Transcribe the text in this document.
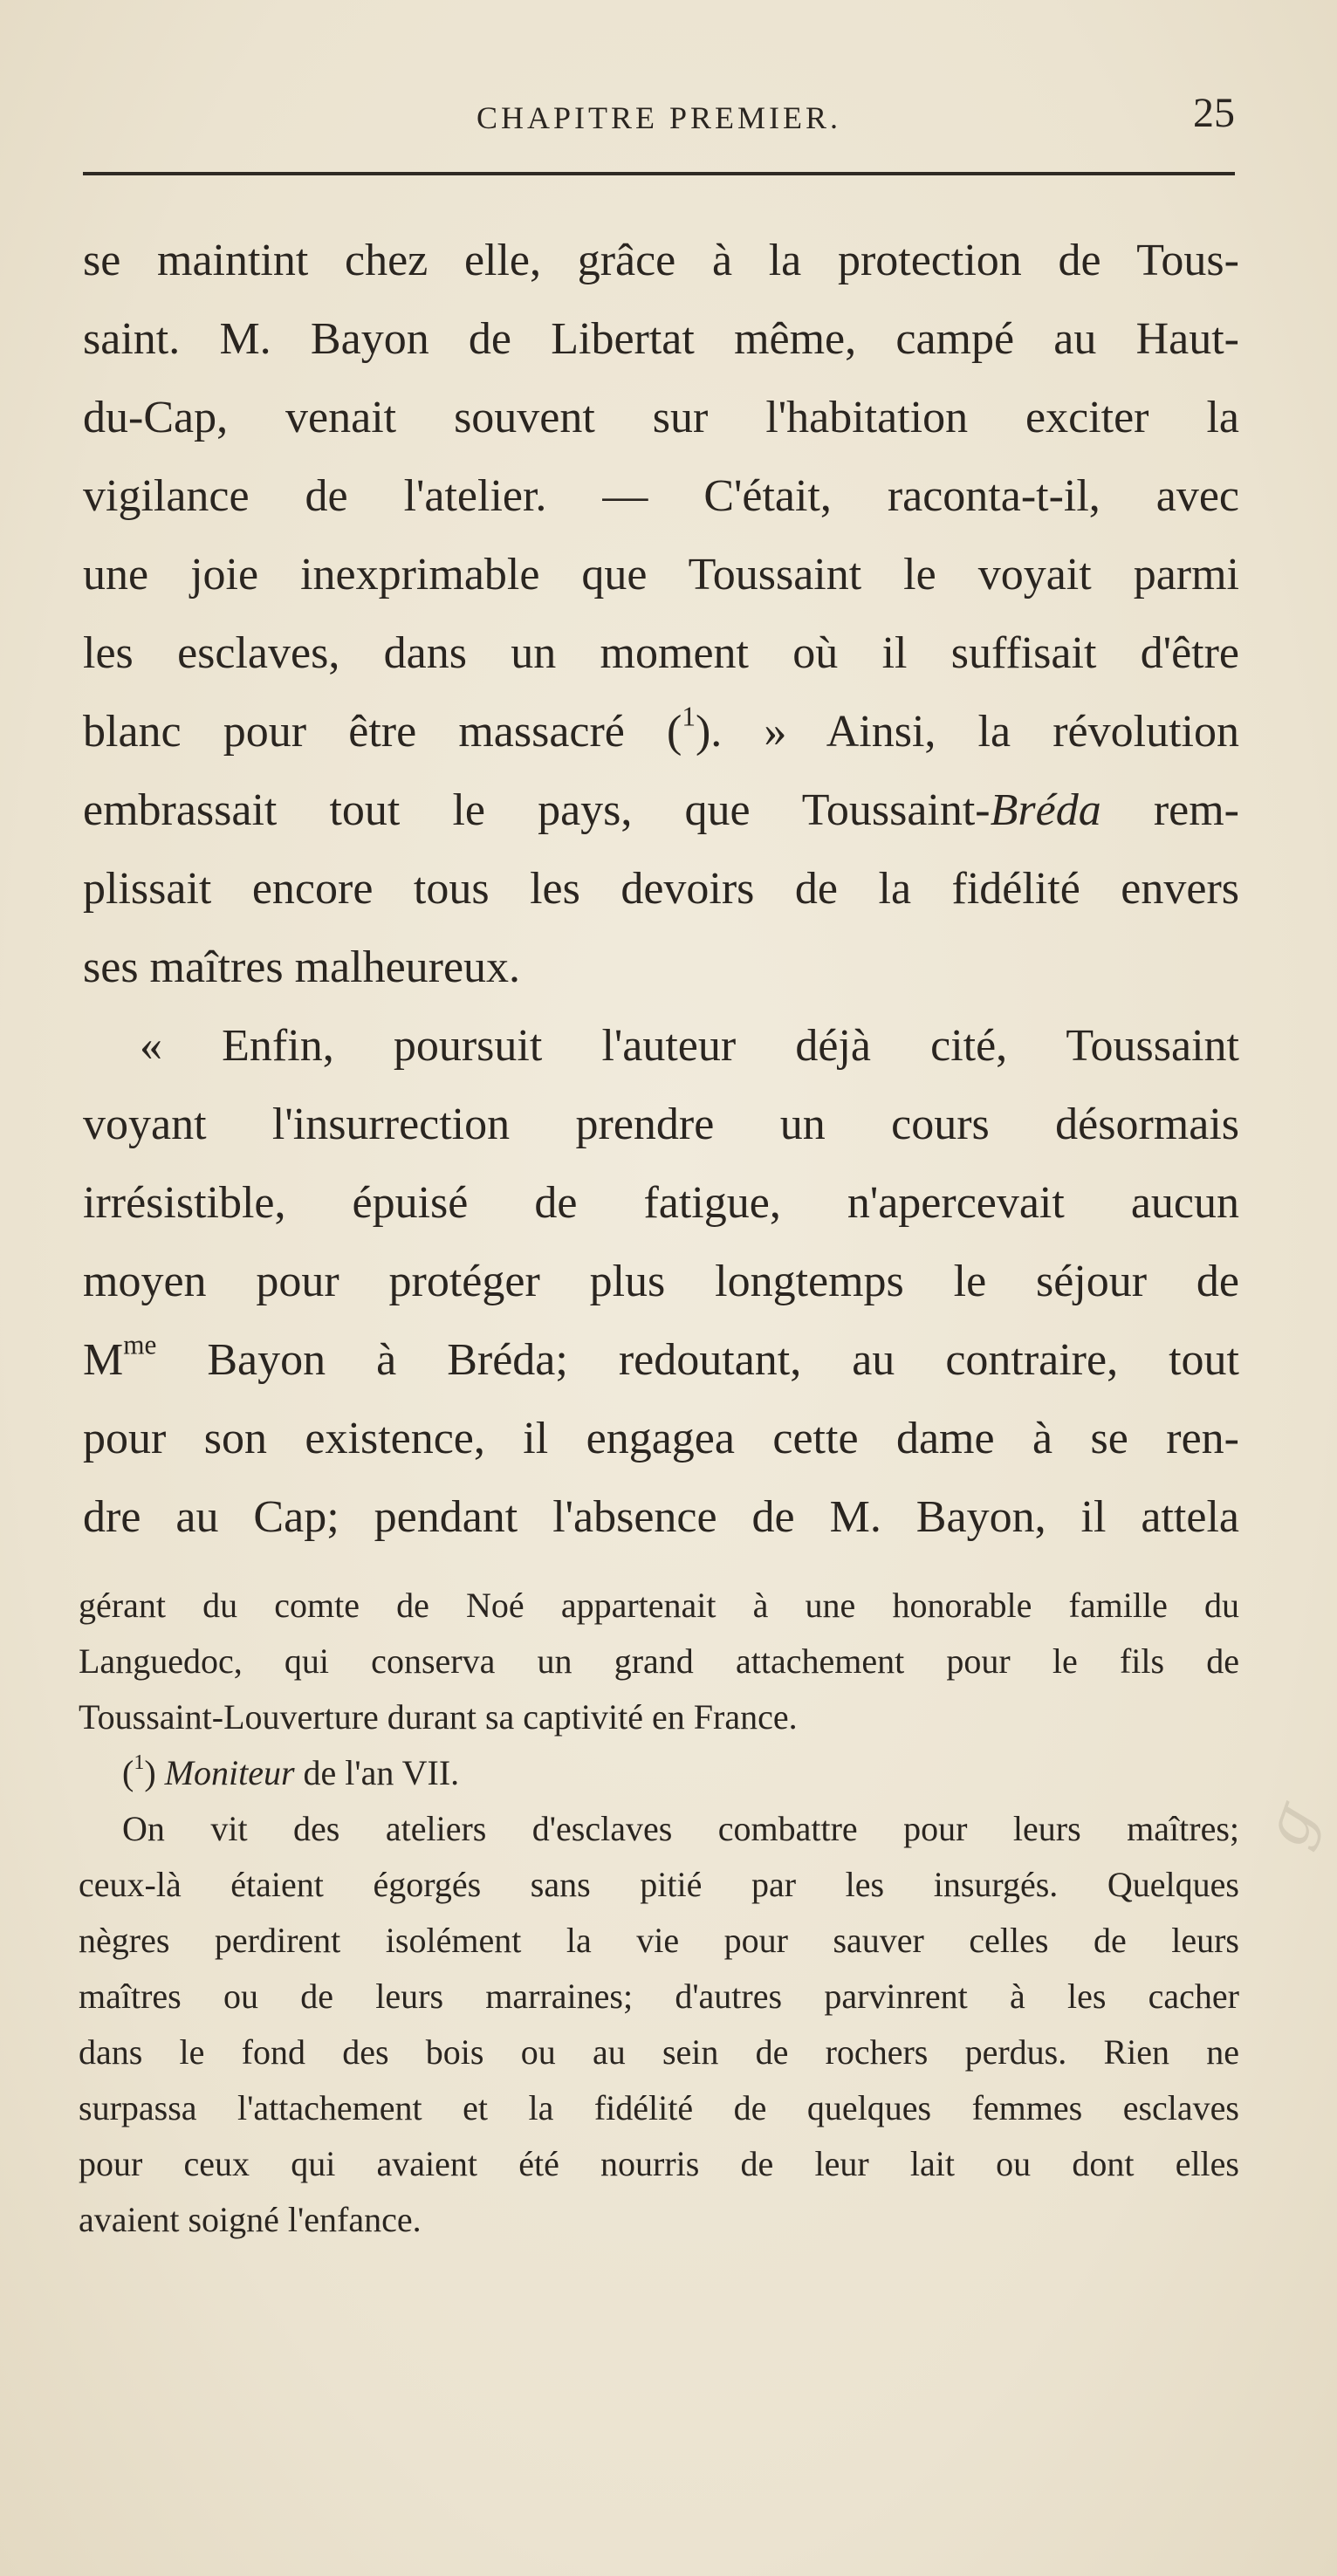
CHAPITRE PREMIER.	25
se maintint chez elle, grâce à la protection de Tous-
saint. M. Bayon de Libertat même, campé au Haut-
du-Cap, venait souvent sur l'habitation exciter la
vigilance de l'atelier. — C'était, raconta-t-il, avec
une joie inexprimable que Toussaint le voyait parmi
les esclaves, dans un moment où il suffisait d'être
blanc pour être massacré ($^1$). » Ainsi, la révolution
embrassait tout le pays, que Toussaint-Bréda rem-
plissait encore tous les devoirs de la fidélité envers
ses maîtres malheureux.
« Enfin, poursuit l'auteur déjà cité, Toussaint
voyant l'insurrection prendre un cours désormais
irrésistible, épuisé de fatigue, n'apercevait aucun
moyen pour protéger plus longtemps le séjour de
$M^{me}$ Bayon à Bréda; redoutant, au contraire, tout
pour son existence, il engagea cette dame à se ren-
dre au Cap; pendant l'absence de M. Bayon, il attela
gérant du comte de Noé appartenait à une honorable famille du
Languedoc, qui conserva un grand attachement pour le fils de
Toussaint-Louverture durant sa captivité en France.
($^1$) Moniteur de l'an VII.
On vit des ateliers d'esclaves combattre pour leurs maîtres;
ceux-là étaient égorgés sans pitié par les insurgés. Quelques
nègres perdirent isolément la vie pour sauver celles de leurs
maîtres ou de leurs marraines; d'autres parvinrent à les cacher
dans le fond des bois ou au sein de rochers perdus. Rien ne
surpassa l'attachement et la fidélité de quelques femmes esclaves
pour ceux qui avaient été nourris de leur lait ou dont elles
avaient soigné l'enfance.
ɡ
